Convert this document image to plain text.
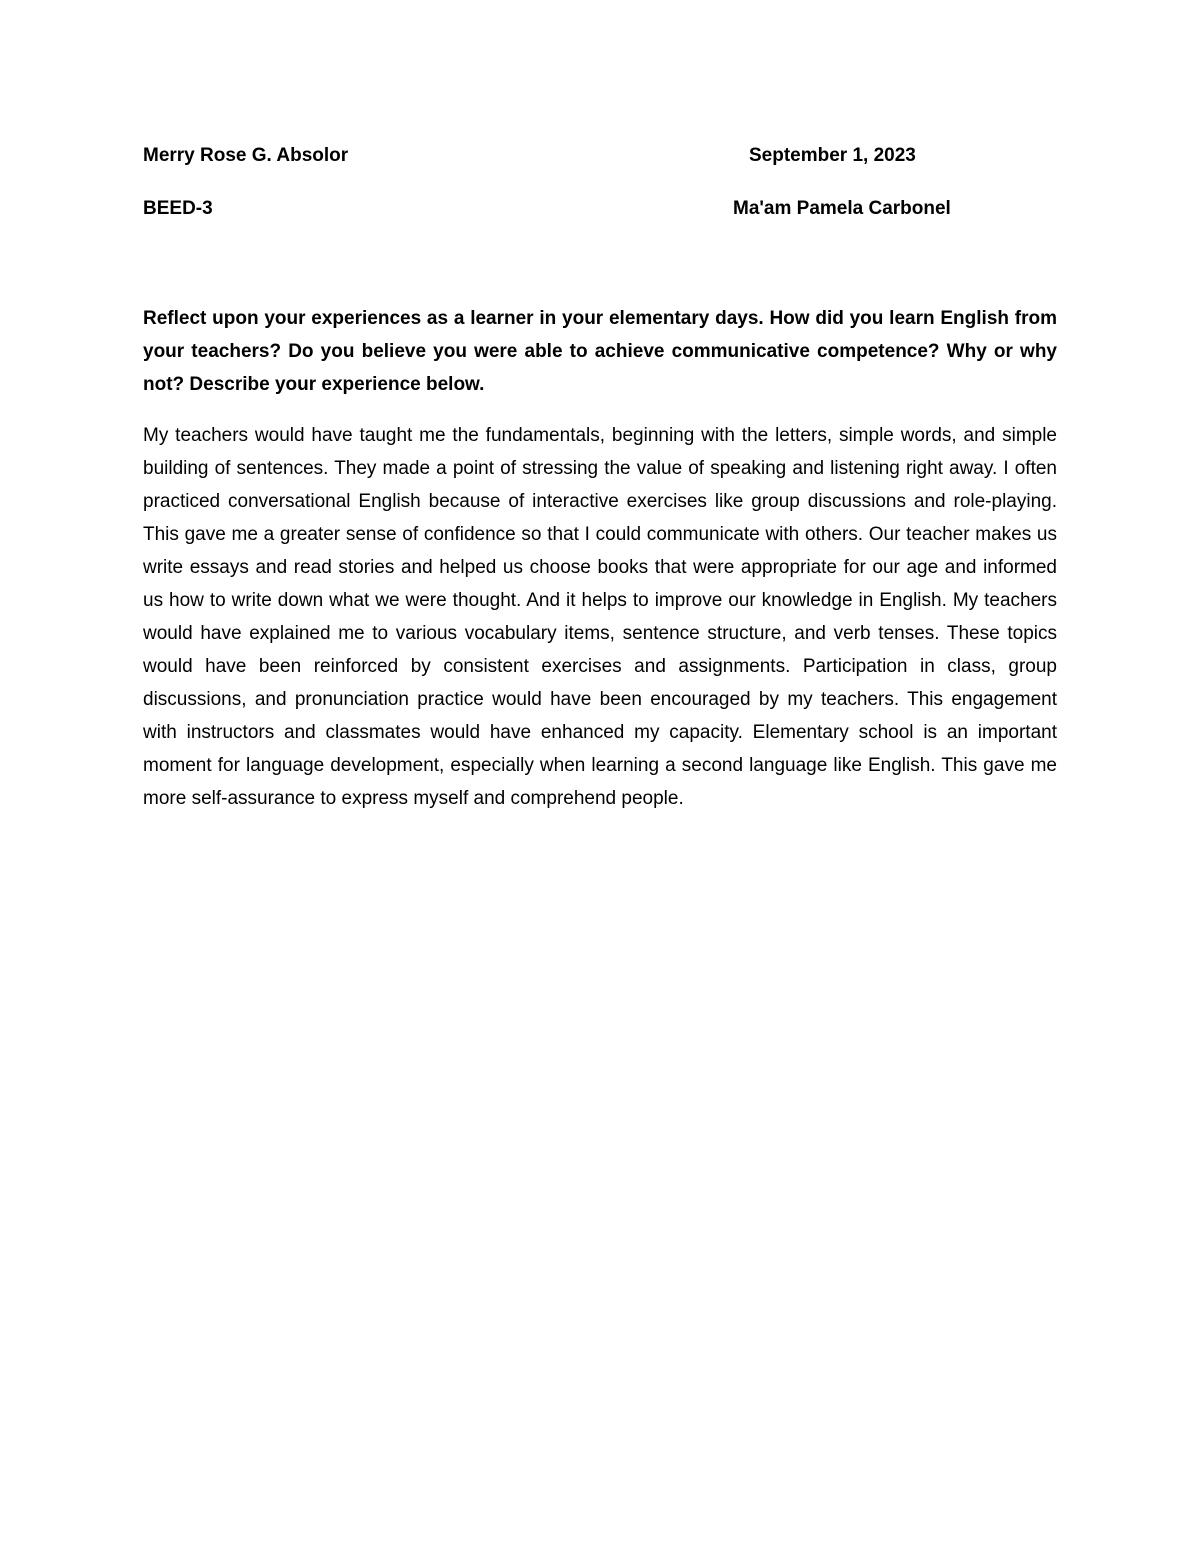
Merry Rose G. Absolor	September 1, 2023
BEED-3	Ma'am Pamela Carbonel

Reflect upon your experiences as a learner in your elementary days. How did you learn English from your teachers? Do you believe you were able to achieve communicative competence? Why or why not? Describe your experience below.

My teachers would have taught me the fundamentals, beginning with the letters, simple words, and simple building of sentences. They made a point of stressing the value of speaking and listening right away. I often practiced conversational English because of interactive exercises like group discussions and role-playing. This gave me a greater sense of confidence so that I could communicate with others. Our teacher makes us write essays and read stories and helped us choose books that were appropriate for our age and informed us how to write down what we were thought. And it helps to improve our knowledge in English. My teachers would have explained me to various vocabulary items, sentence structure, and verb tenses. These topics would have been reinforced by consistent exercises and assignments. Participation in class, group discussions, and pronunciation practice would have been encouraged by my teachers. This engagement with instructors and classmates would have enhanced my capacity. Elementary school is an important moment for language development, especially when learning a second language like English. This gave me more self-assurance to express myself and comprehend people.
